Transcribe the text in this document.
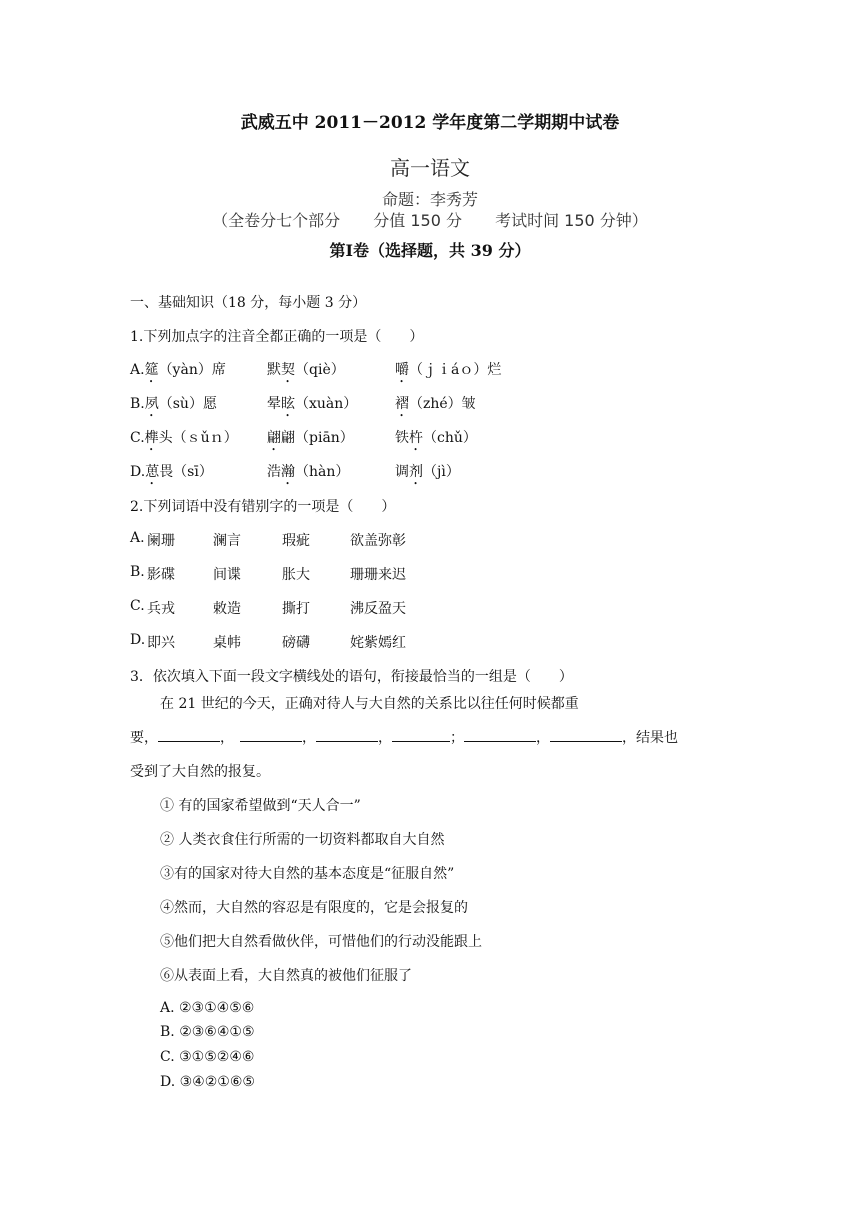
武威五中 2011－2012 学年度第二学期期中试卷
高一语文
命题：李秀芳
（全卷分七个部分 分值 150 分 考试时间 150 分钟）
第Ⅰ卷（选择题，共 39 分）
一、基础知识（18 分，每小题 3 分）
1.下列加点字的注音全都正确的一项是（　　）
A.筵（yàn）席	默契（qiè）	嚼（ｊｉáｏ）烂
B.夙（sù）愿	晕眩（xuàn）	褶（zhé）皱
C.榫头（ｓǔｎ） 翩翩（piān）	铁杵（chǔ）
D.葸畏（sī）	浩瀚（hàn）	调剂（jì）
2.下列词语中没有错别字的一项是（　　）
A. 阑珊	澜言	瑕疵	欲盖弥彰
B. 影碟	间谍	胀大	珊珊来迟
C. 兵戎	敕造	撕打	沸反盈天
D. 即兴	桌帏	磅礴	姹紫嫣红
3．依次填入下面一段文字横线处的语句，衔接最恰当的一组是（　　）
在 21 世纪的今天，正确对待人与大自然的关系比以往任何时候都重
要，	，	，	，	；	，	，结果也
受到了大自然的报复。
① 有的国家希望做到“天人合一”
② 人类衣食住行所需的一切资料都取自大自然
③有的国家对待大自然的基本态度是“征服自然”
④然而，大自然的容忍是有限度的，它是会报复的
⑤他们把大自然看做伙伴，可惜他们的行动没能跟上
⑥从表面上看，大自然真的被他们征服了
A. ②③①④⑤⑥
B. ②③⑥④①⑤
C. ③①⑤②④⑥
D. ③④②①⑥⑤
